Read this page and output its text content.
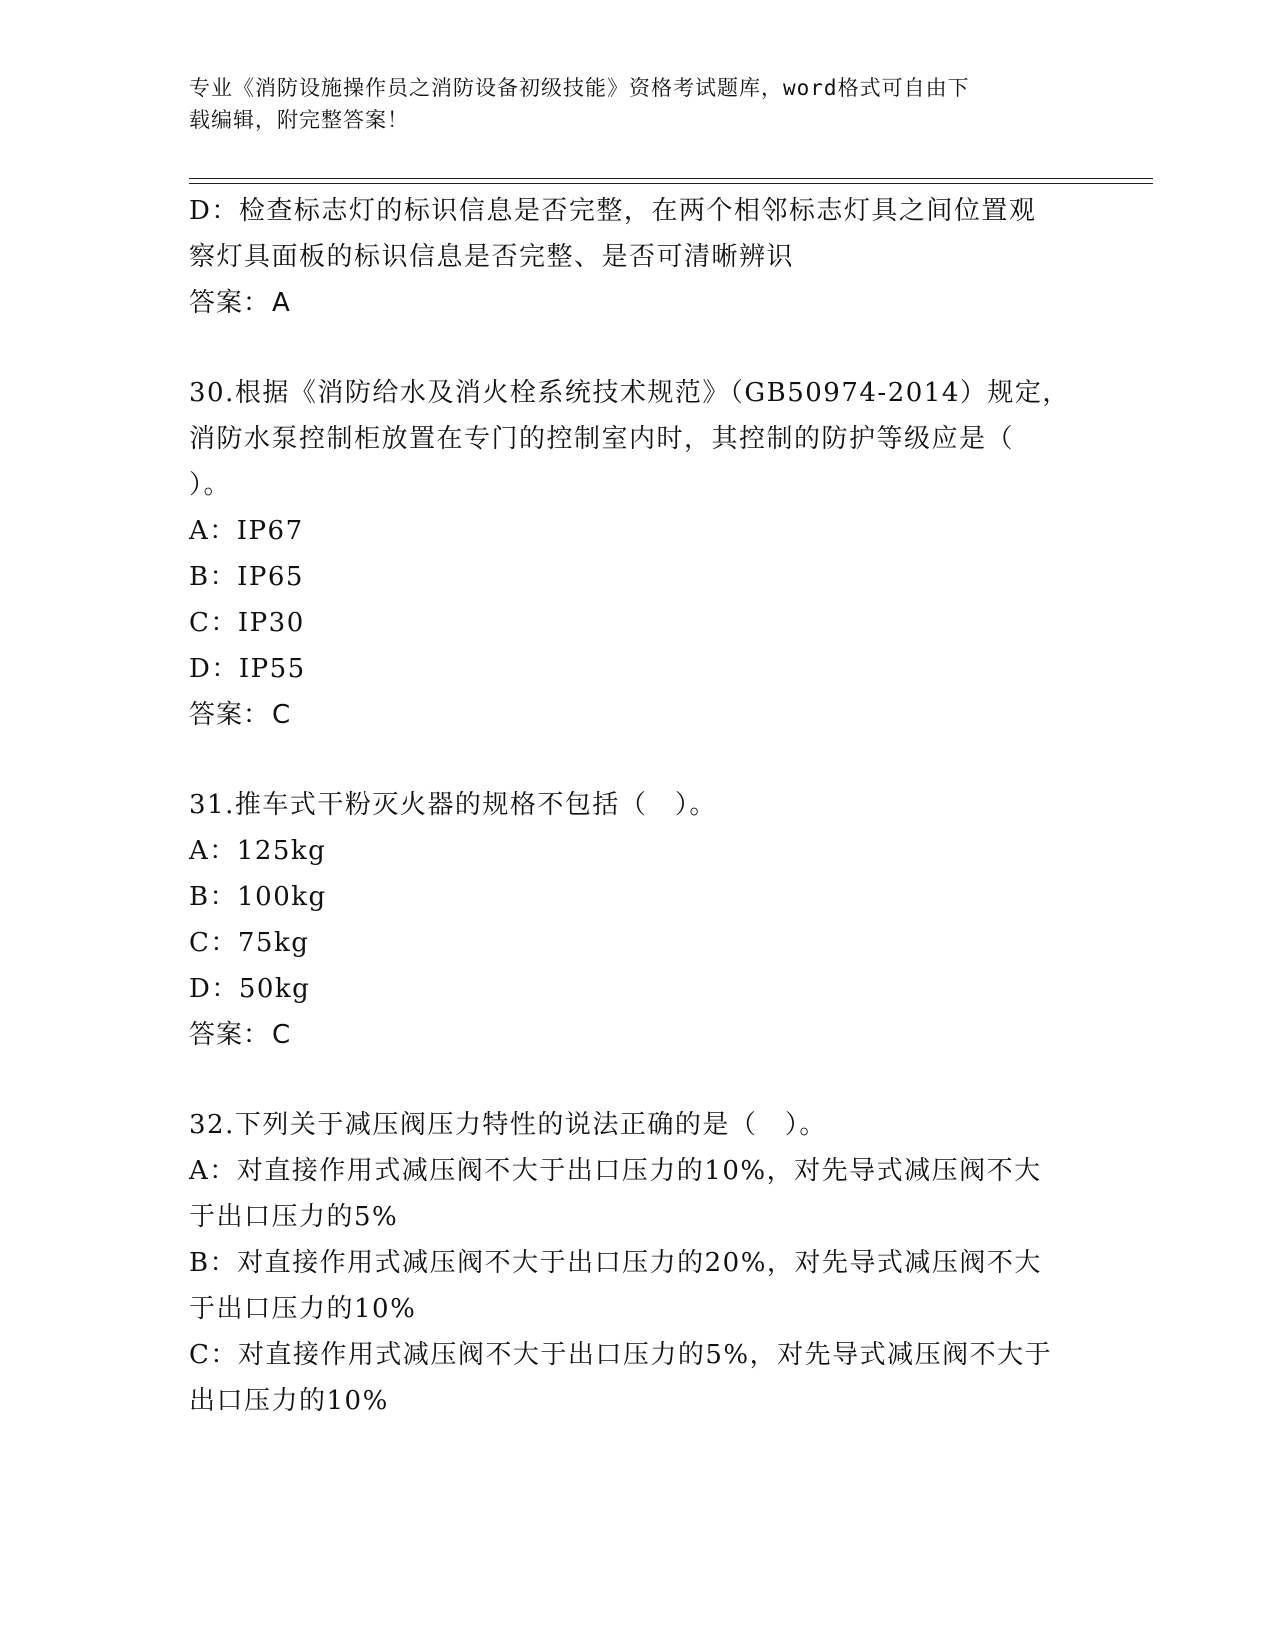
专业《消防设施操作员之消防设备初级技能》资格考试题库，word格式可自由下
载编辑，附完整答案！
D：检查标志灯的标识信息是否完整，在两个相邻标志灯具之间位置观
察灯具面板的标识信息是否完整、是否可清晰辨识
答案：A
30.根据《消防给水及消火栓系统技术规范》（GB50974-2014）规定，
消防水泵控制柜放置在专门的控制室内时，其控制的防护等级应是（
）。
A：IP67
B：IP65
C：IP30
D：IP55
答案：C
31.推车式干粉灭火器的规格不包括（　）。
A：125kg
B：100kg
C：75kg
D：50kg
答案：C
32.下列关于减压阀压力特性的说法正确的是（　）。
A：对直接作用式减压阀不大于出口压力的10%，对先导式减压阀不大
于出口压力的5%
B：对直接作用式减压阀不大于出口压力的20%，对先导式减压阀不大
于出口压力的10%
C：对直接作用式减压阀不大于出口压力的5%，对先导式减压阀不大于
出口压力的10%
